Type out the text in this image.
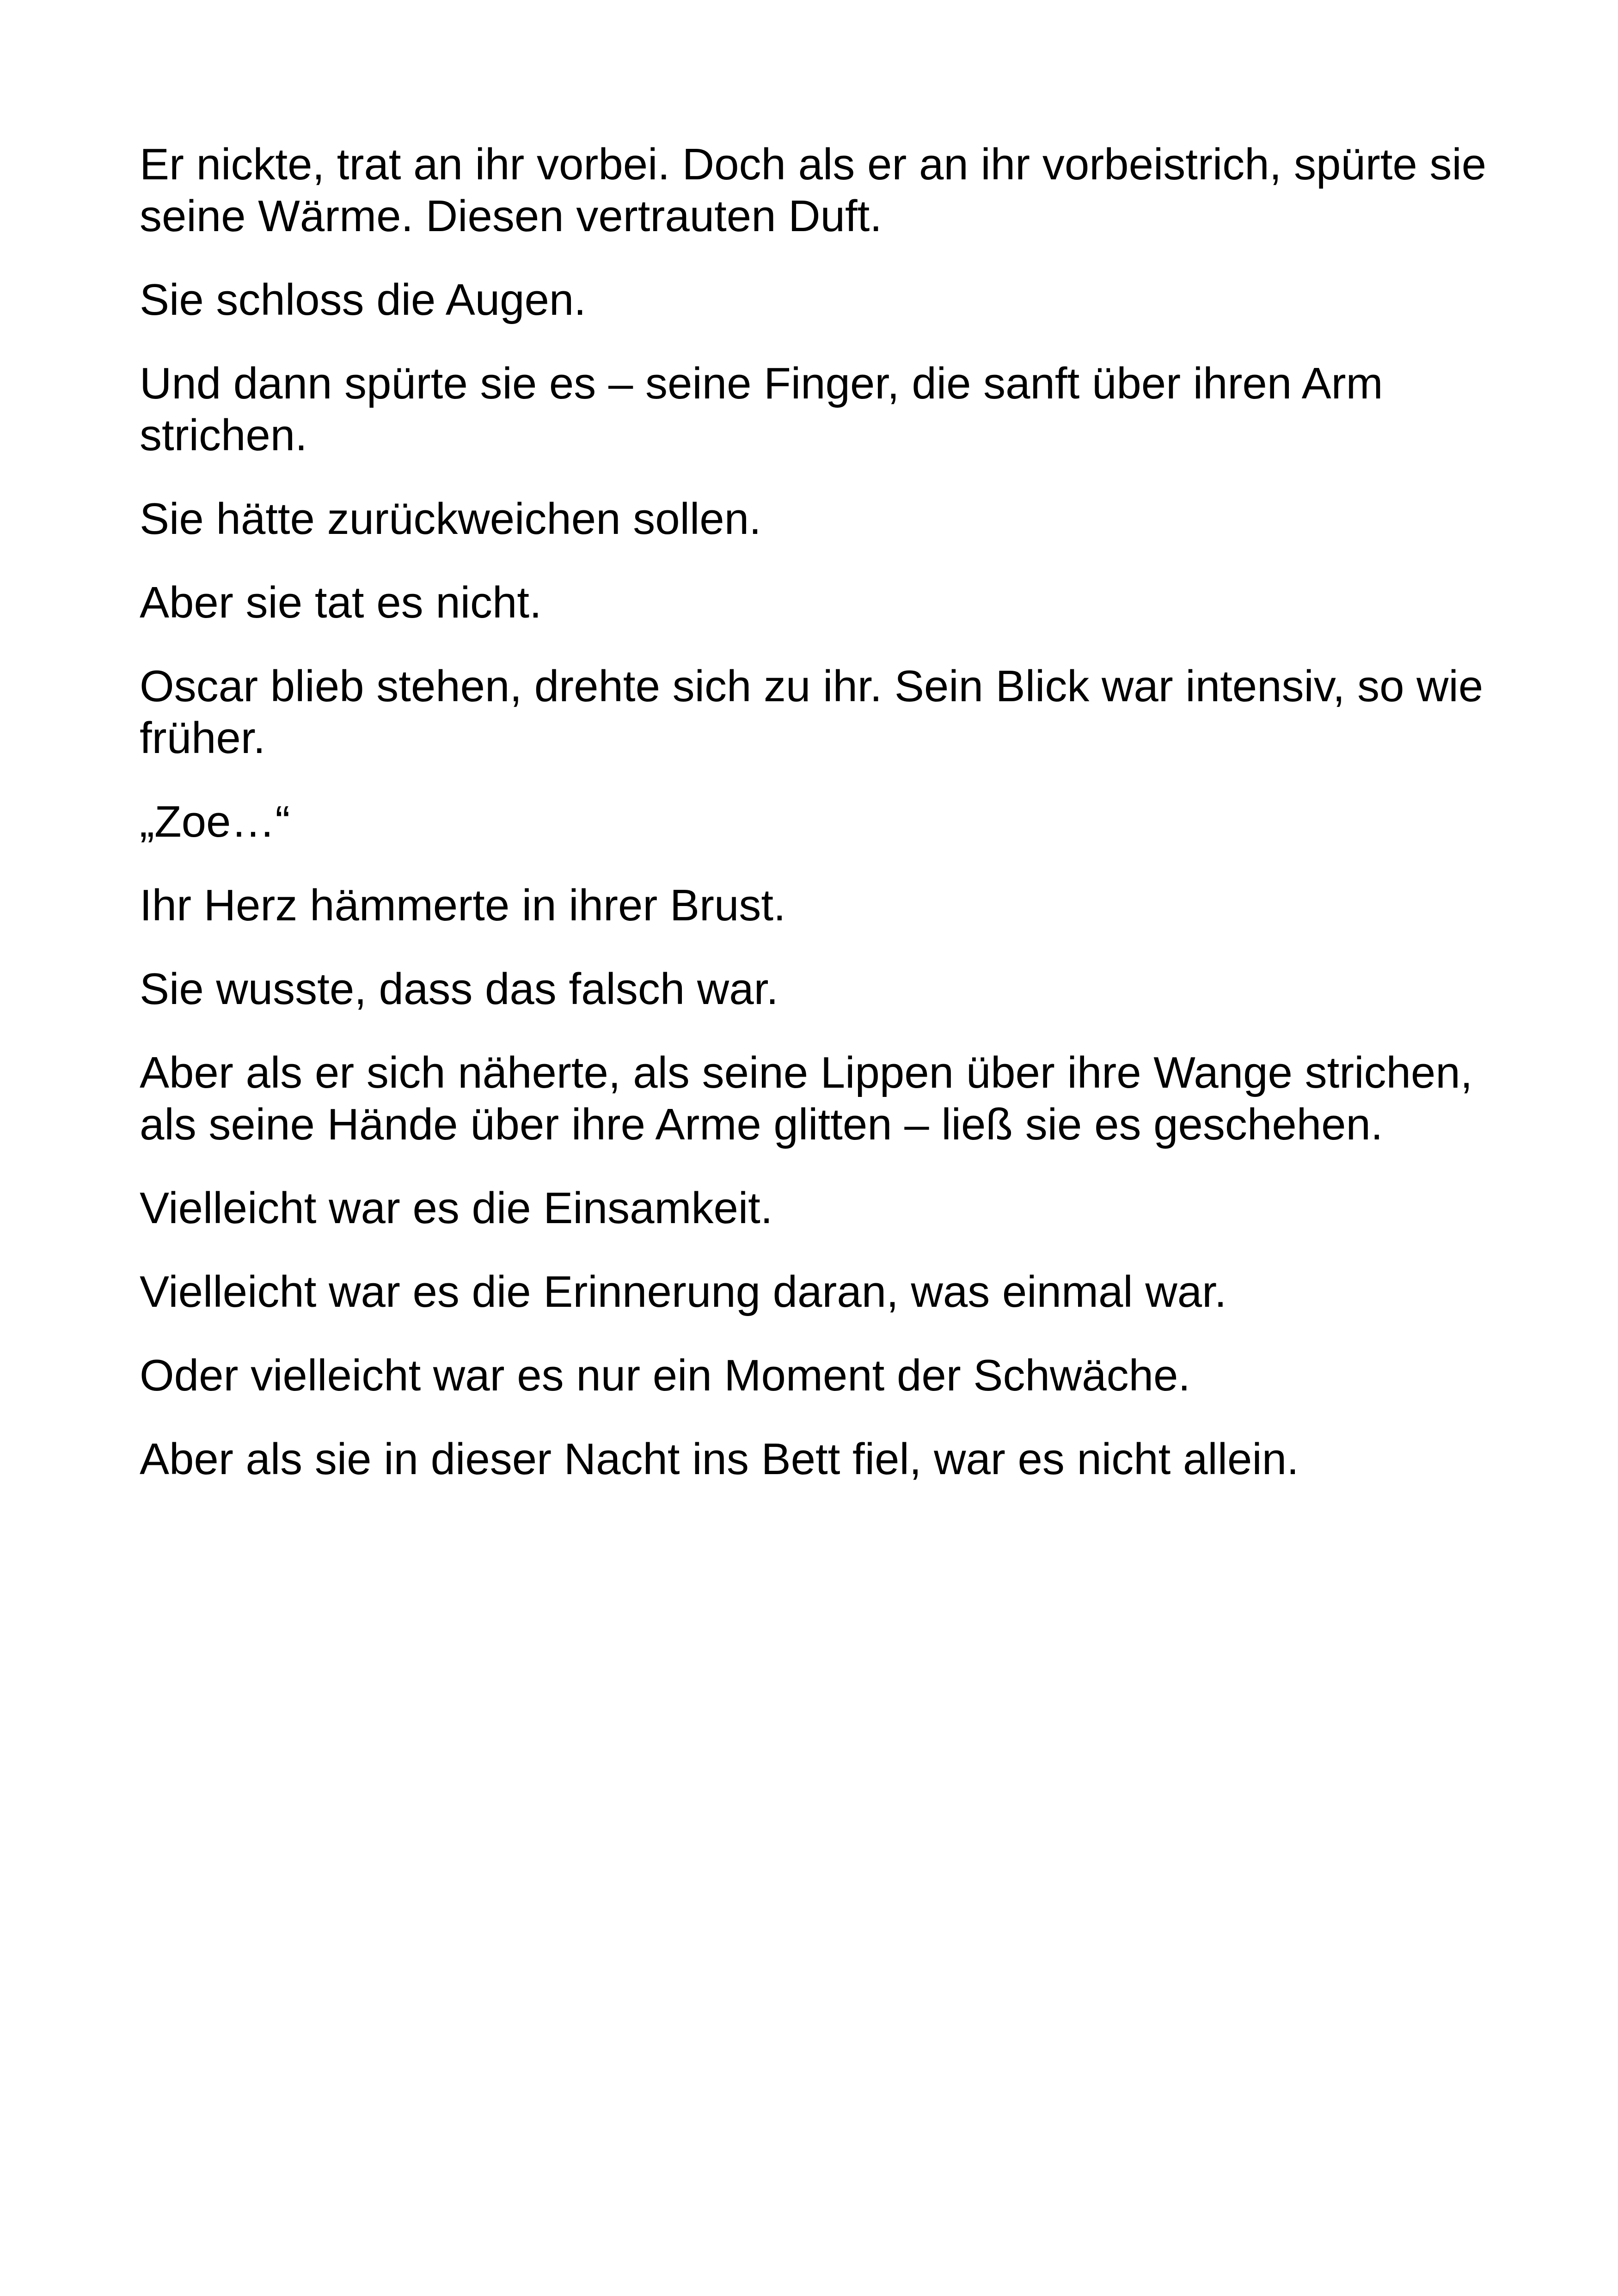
Er nickte, trat an ihr vorbei. Doch als er an ihr vorbeistrich, spürte sie seine Wärme. Diesen vertrauten Duft.

Sie schloss die Augen.

Und dann spürte sie es – seine Finger, die sanft über ihren Arm strichen.

Sie hätte zurückweichen sollen.

Aber sie tat es nicht.

Oscar blieb stehen, drehte sich zu ihr. Sein Blick war intensiv, so wie früher.

„Zoe…“

Ihr Herz hämmerte in ihrer Brust.

Sie wusste, dass das falsch war.

Aber als er sich näherte, als seine Lippen über ihre Wange strichen, als seine Hände über ihre Arme glitten – ließ sie es geschehen.

Vielleicht war es die Einsamkeit.

Vielleicht war es die Erinnerung daran, was einmal war.

Oder vielleicht war es nur ein Moment der Schwäche.

Aber als sie in dieser Nacht ins Bett fiel, war es nicht allein.
